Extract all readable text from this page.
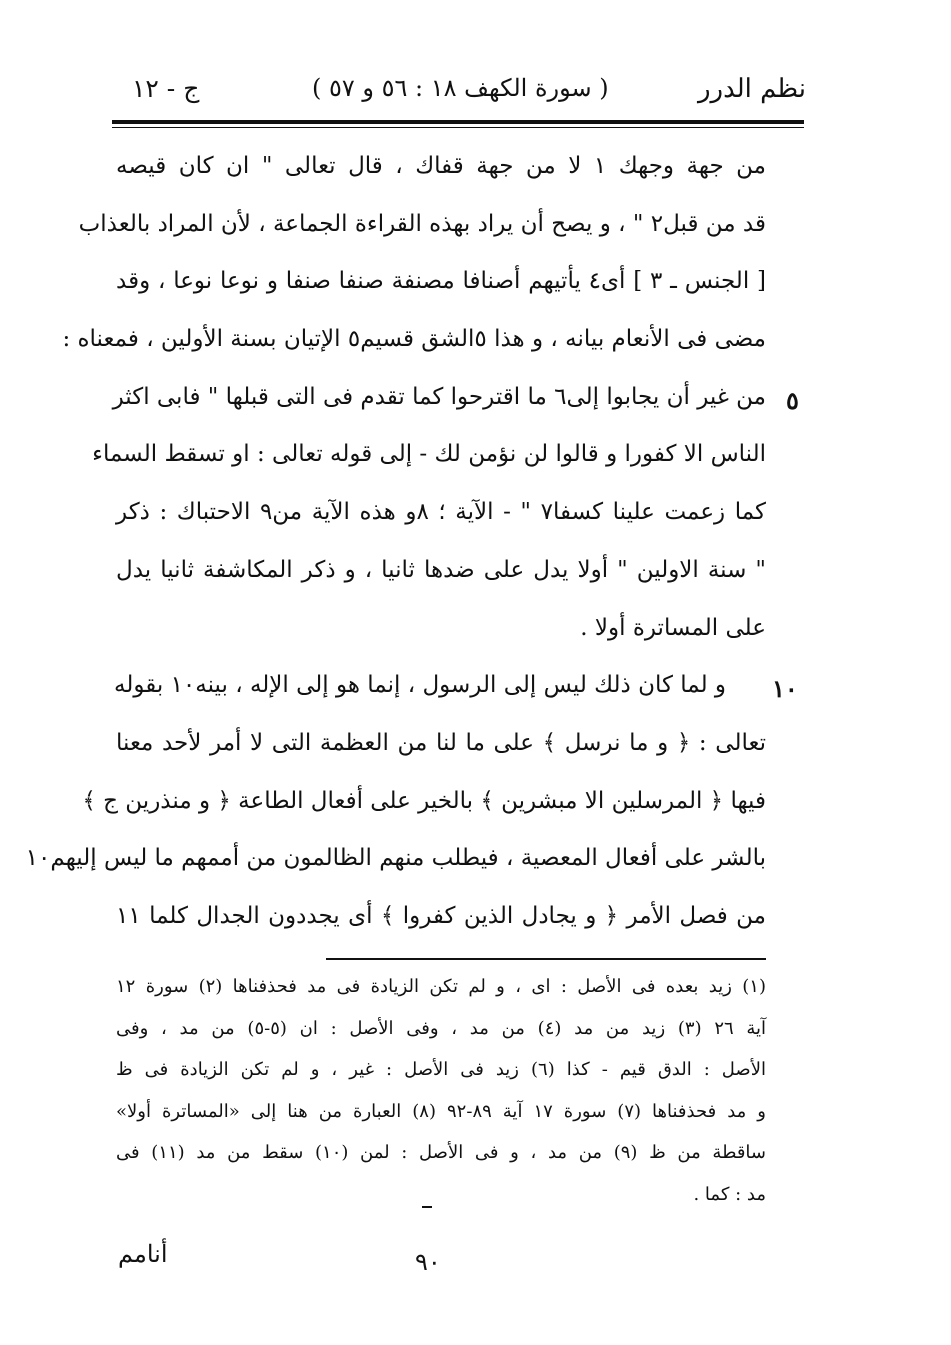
نظم الدرر
( سورة الكهف ١٨ : ٥٦ و ٥٧ )
ج - ١٢
من جهة وجهك ١ لا من جهة قفاك ، قال تعالى " ان كان قيصه
قد من قبل٢ " ، و يصح أن يراد بهذه القراءة الجماعة ، لأن المراد بالعذاب
[ الجنس ـ ٣ ] أى٤ يأتيهم أصنافا مصنفة صنفا صنفا و نوعا نوعا ، وقد
مضى فى الأنعام بيانه ، و هذا ٥الشق قسيم٥ الإتيان بسنة الأولين ، فمعناه :
من غير أن يجابوا إلى٦ ما اقترحوا كما تقدم فى التى قبلها " فابى اكثر
الناس الا كفورا و قالوا لن نؤمن لك - إلى قوله تعالى : او تسقط السماء
كما زعمت علينا كسفا٧ " - الآية ؛ ٨و هذه الآية من٩ الاحتباك : ذكر
" سنة الاولين " أولا يدل على ضدها ثانيا ، و ذكر المكاشفة ثانيا يدل
على المساترة أولا .
و لما كان ذلك ليس إلى الرسول ، إنما هو إلى الإله ، بينه١٠ بقوله
تعالى : ﴿ و ما نرسل ﴾ على ما لنا من العظمة التى لا أمر لأحد معنا
فيها ﴿ المرسلين الا مبشرين ﴾ بالخير على أفعال الطاعة ﴿ و منذرين ج ﴾
بالشر على أفعال المعصية ، فيطلب منهم الظالمون من أممهم ما ليس إليهم١٠
من فصل الأمر ﴿ و يجادل الذين كفروا ﴾ أى يجددون الجدال كلما ١١
٥
١٠
(١) زيد بعده فى الأصل : اى ، و لم تكن الزيادة فى مد فحذفناها (٢) سورة ١٢
آية ٢٦ (٣) زيد من مد (٤) من مد ، وفى الأصل : ان (٥-٥) من مد ، وفى
الأصل : الدق قيم - كذا (٦) زيد فى الأصل : غير ، و لم تكن الزيادة فى ظ
و مد فحذفناها (٧) سورة ١٧ آية ٨٩-٩٢ (٨) العبارة من هنا إلى «المساترة أولا»
ساقطة من ظ (٩) من مد ، و فى الأصل : لمن (١٠) سقط من مد (١١) فى
مد : كما .
٩٠
أنامم
